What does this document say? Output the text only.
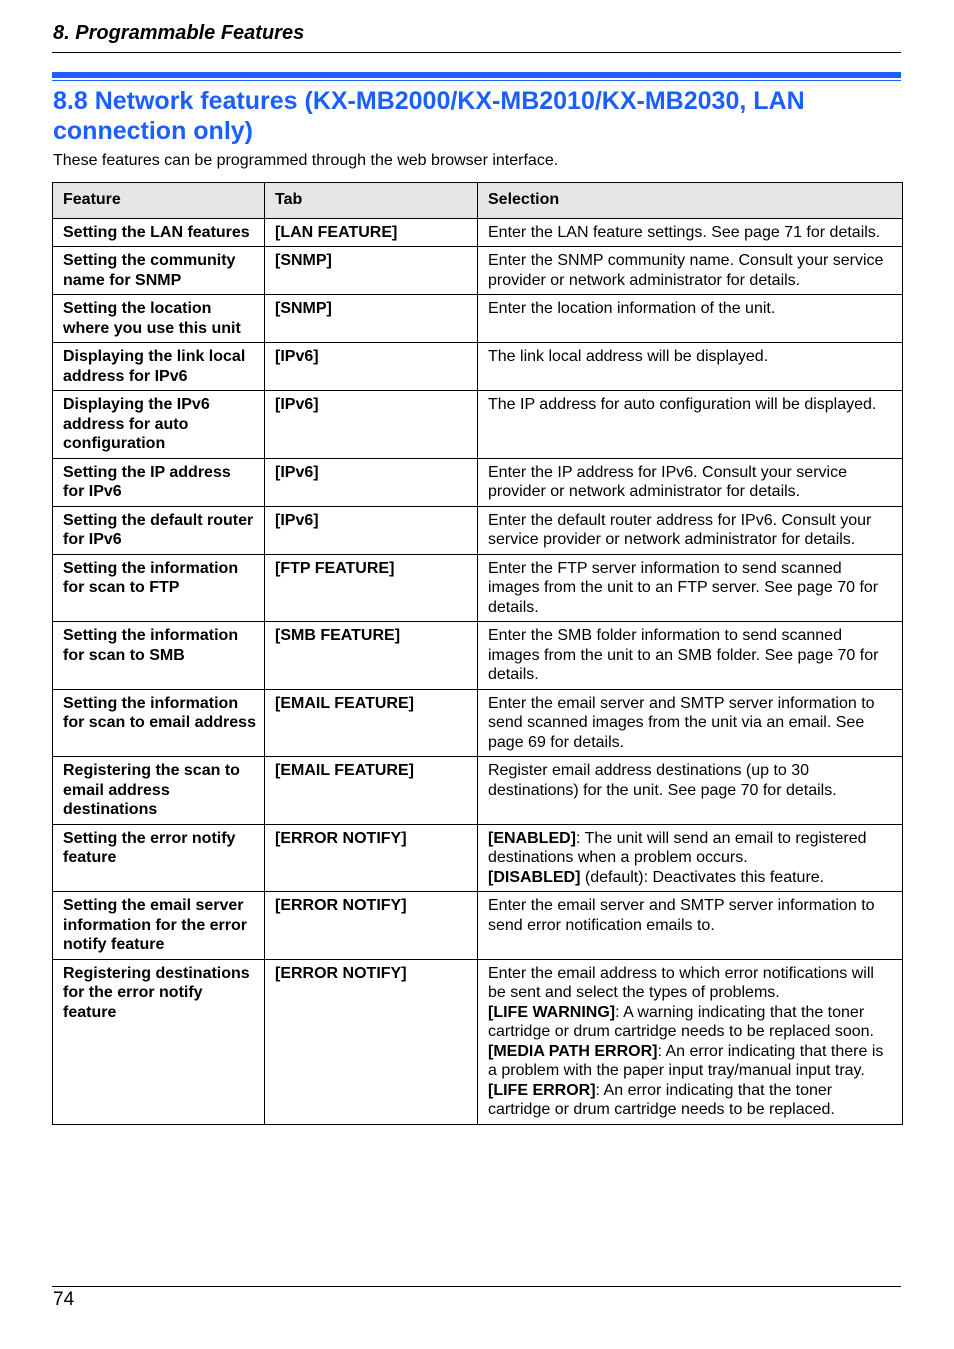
8. Programmable Features
8.8 Network features (KX-MB2000/KX-MB2010/KX-MB2030, LAN connection only)
These features can be programmed through the web browser interface.
Feature	Tab	Selection
Setting the LAN features	[LAN FEATURE]	Enter the LAN feature settings. See page 71 for details.

Setting the community name for SNMP	[SNMP]	Enter the SNMP community name. Consult your service provider or network administrator for details.

Setting the location where you use this unit	[SNMP]	Enter the location information of the unit.

Displaying the link local address for IPv6	[IPv6]	The link local address will be displayed.

Displaying the IPv6 address for auto configuration	[IPv6]	The IP address for auto configuration will be displayed.

Setting the IP address for IPv6	[IPv6]	Enter the IP address for IPv6. Consult your service provider or network administrator for details.

Setting the default router for IPv6	[IPv6]	Enter the default router address for IPv6. Consult your service provider or network administrator for details.

Setting the information for scan to FTP	[FTP FEATURE]	Enter the FTP server information to send scanned images from the unit to an FTP server. See page 70 for details.

Setting the information for scan to SMB	[SMB FEATURE]	Enter the SMB folder information to send scanned images from the unit to an SMB folder. See page 70 for details.

Setting the information for scan to email address	[EMAIL FEATURE]	Enter the email server and SMTP server information to send scanned images from the unit via an email. See page 69 for details.

Registering the scan to email address destinations	[EMAIL FEATURE]	Register email address destinations (up to 30 destinations) for the unit. See page 70 for details.

Setting the error notify feature	[ERROR NOTIFY]	[ENABLED]: The unit will send an email to registered destinations when a problem occurs.
[DISABLED] (default): Deactivates this feature.

Setting the email server information for the error notify feature	[ERROR NOTIFY]	Enter the email server and SMTP server information to send error notification emails to.

Registering destinations for the error notify feature	[ERROR NOTIFY]	Enter the email address to which error notifications will be sent and select the types of problems.
[LIFE WARNING]: A warning indicating that the toner cartridge or drum cartridge needs to be replaced soon.
[MEDIA PATH ERROR]: An error indicating that there is a problem with the paper input tray/manual input tray.
[LIFE ERROR]: An error indicating that the toner cartridge or drum cartridge needs to be replaced.
74
